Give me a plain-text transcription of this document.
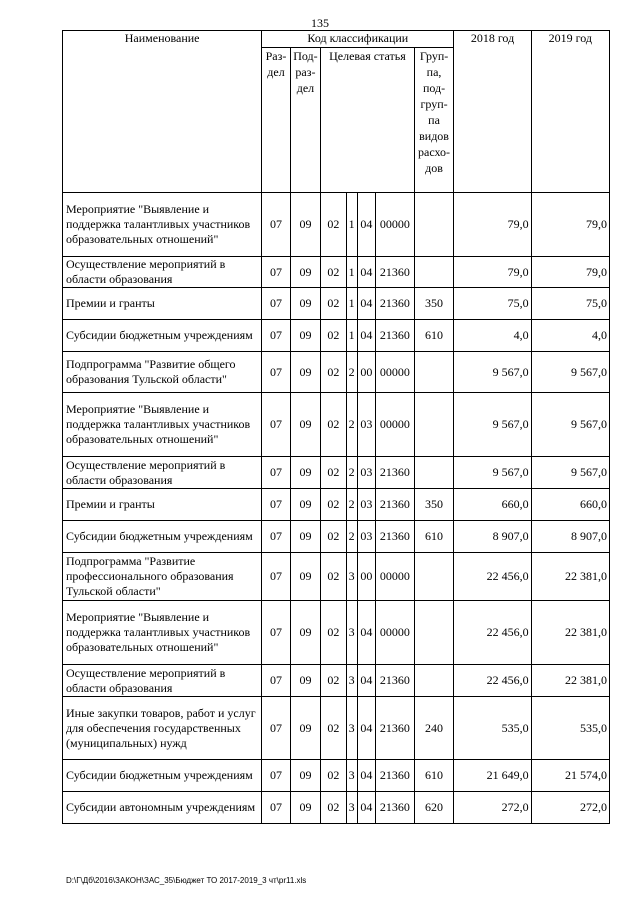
135
Наименование	Код классификации							2018 год	2019 год
	Раз-дел	Под-раз-дел	Целевая статья				Груп-па, под-груп-па видов расхо-дов		
Мероприятие "Выявление и поддержка талантливых участников образовательных отношений"	07	09	02	1	04	00000		79,0	79,0
Осуществление мероприятий в области образования	07	09	02	1	04	21360		79,0	79,0
Премии и гранты	07	09	02	1	04	21360	350	75,0	75,0
Субсидии бюджетным учреждениям	07	09	02	1	04	21360	610	4,0	4,0
Подпрограмма "Развитие общего образования Тульской области"	07	09	02	2	00	00000		9 567,0	9 567,0
Мероприятие "Выявление и поддержка талантливых участников образовательных отношений"	07	09	02	2	03	00000		9 567,0	9 567,0
Осуществление мероприятий в области образования	07	09	02	2	03	21360		9 567,0	9 567,0
Премии и гранты	07	09	02	2	03	21360	350	660,0	660,0
Субсидии бюджетным учреждениям	07	09	02	2	03	21360	610	8 907,0	8 907,0
Подпрограмма "Развитие профессионального образования Тульской области"	07	09	02	3	00	00000		22 456,0	22 381,0
Мероприятие "Выявление и поддержка талантливых участников образовательных отношений"	07	09	02	3	04	00000		22 456,0	22 381,0
Осуществление мероприятий в области образования	07	09	02	3	04	21360		22 456,0	22 381,0
Иные закупки товаров, работ и услуг для обеспечения государственных (муниципальных) нужд	07	09	02	3	04	21360	240	535,0	535,0
Субсидии бюджетным учреждениям	07	09	02	3	04	21360	610	21 649,0	21 574,0
Субсидии автономным учреждениям	07	09	02	3	04	21360	620	272,0	272,0
D:\Г\Дб\2016\ЗАКОН\ЗАС_35\Бюджет ТО 2017-2019_3 чт\pr11.xls
